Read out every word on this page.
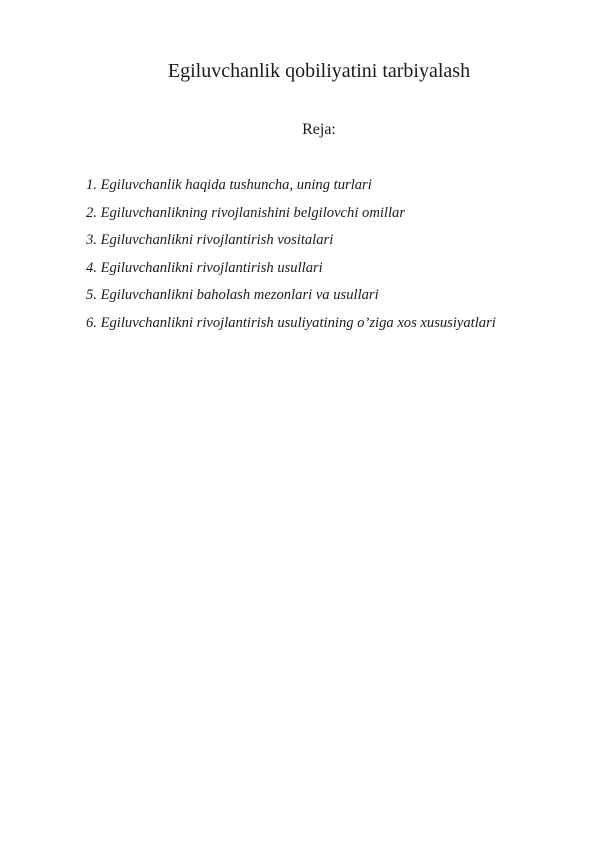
Egiluvchanlik qobiliyatini tarbiyalash
Reja:
1. Egiluvchanlik haqida tushuncha, uning turlari
2. Egiluvchanlikning rivojlanishini belgilovchi omillar
3. Egiluvchanlikni rivojlantirish vositalari
4. Egiluvchanlikni rivojlantirish usullari
5. Egiluvchanlikni baholash mezonlari va usullari
6. Egiluvchanlikni rivojlantirish usuliyatining o’ziga xos xususiyatlari
